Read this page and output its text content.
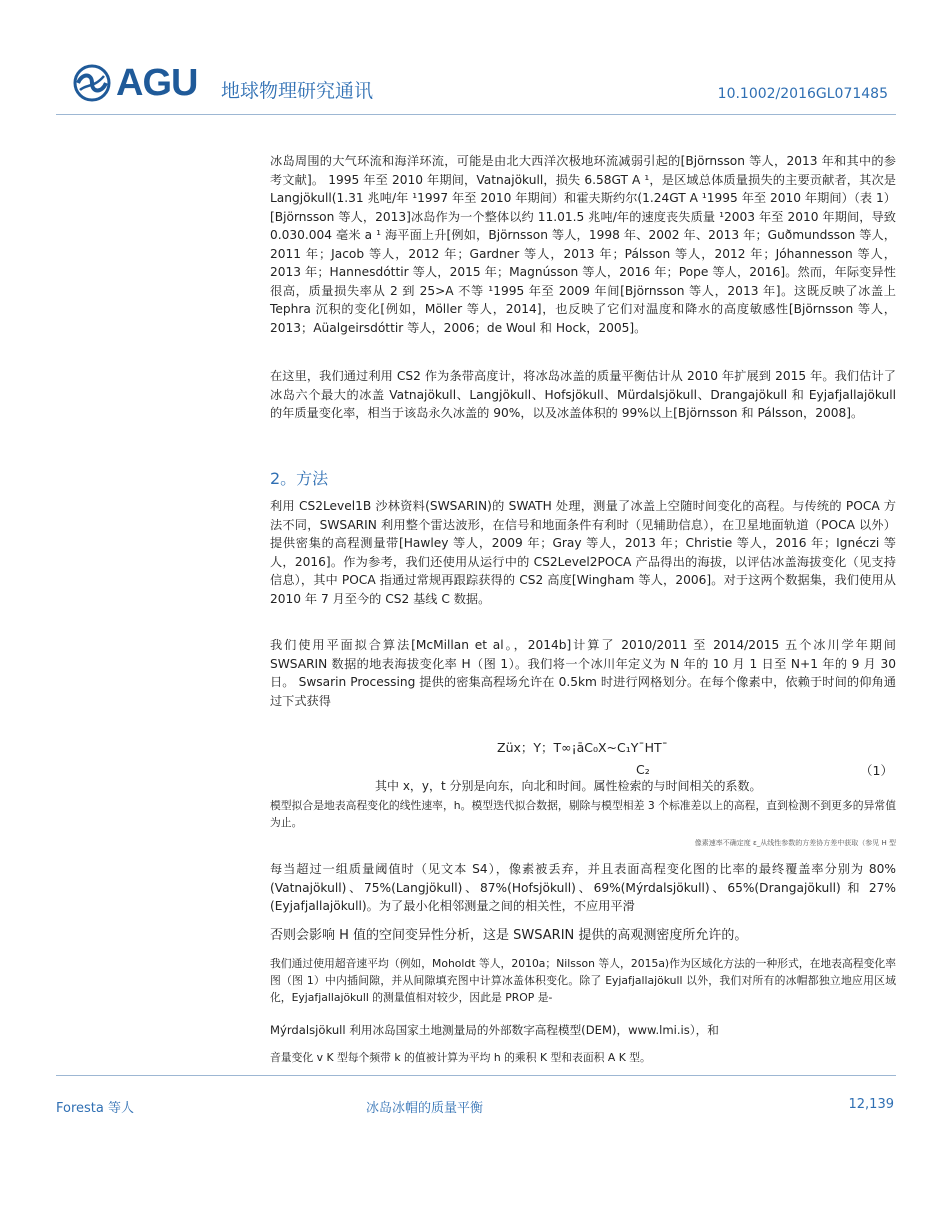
AGU 地球物理研究通讯	10.1002/2016GL071485

冰岛周围的大气环流和海洋环流，可能是由北大西洋次极地环流减弱引起的[Björnsson 等人，2013 年和其中的参考文献]。 1995 年至 2010 年期间，Vatnajökull，损失 6.58GT A ¹，是区域总体质量损失的主要贡献者，其次是 Langjökull(1.31 兆吨/年 ¹1997 年至 2010 年期间）和霍夫斯约尔(1.24GT A ¹1995 年至 2010 年期间）（表 1）[Björnsson 等人，2013]冰岛作为一个整体以约 11.01.5 兆吨/年的速度丧失质量 ¹2003 年至 2010 年期间，导致 0.030.004 毫米 a ¹ 海平面上升[例如，Björnsson 等人，1998 年、2002 年、2013 年；Guðmundsson 等人，2011 年；Jacob 等人，2012 年；Gardner 等人，2013 年；Pálsson 等人，2012 年；Jóhannesson 等人，2013 年；Hannesdóttir 等人，2015 年；Magnússon 等人，2016 年；Pope 等人，2016]。然而，年际变异性很高，质量损失率从 2 到 25>A 不等 ¹1995 年至 2009 年间[Björnsson 等人，2013 年]。这既反映了冰盖上 Tephra 沉积的变化[例如，Möller 等人，2014]，也反映了它们对温度和降水的高度敏感性[Björnsson 等人，2013；Aüalgeirsdóttir 等人，2006；de Woul 和 Hock，2005]。

在这里，我们通过利用 CS2 作为条带高度计，将冰岛冰盖的质量平衡估计从 2010 年扩展到 2015 年。我们估计了冰岛六个最大的冰盖 Vatnajökull、Langjökull、Hofsjökull、Mürdalsjökull、Drangajökull 和 Eyjafjallajökull 的年质量变化率，相当于该岛永久冰盖的 90%，以及冰盖体积的 99%以上[Björnsson 和 Pálsson，2008]。

2。方法

利用 CS2Level1B 沙林资料(SWSARIN)的 SWATH 处理，测量了冰盖上空随时间变化的高程。与传统的 POCA 方法不同，SWSARIN 利用整个雷达波形，在信号和地面条件有利时（见辅助信息），在卫星地面轨道（POCA 以外）提供密集的高程测量带[Hawley 等人，2009 年；Gray 等人，2013 年；Christie 等人，2016 年；Ignéczi 等人，2016]。作为参考，我们还使用从运行中的 CS2Level2POCA 产品得出的海拔，以评估冰盖海拔变化（见支持信息），其中 POCA 指通过常规再跟踪获得的 CS2 高度[Wingham 等人，2006]。对于这两个数据集，我们使用从 2010 年 7 月至今的 CS2 基线 C 数据。

我们使用平面拟合算法[McMillan et al。，2014b]计算了 2010/2011 至 2014/2015 五个冰川学年期间 SWSARIN 数据的地表海拔变化率 H（图 1）。我们将一个冰川年定义为 N 年的 10 月 1 日至 N+1 年的 9 月 30 日。 Swsarin Processing 提供的密集高程场允许在 0.5km 时进行网格划分。在每个像素中，依赖于时间的仰角通过下式获得

Züx；Y；T∞¡āC₀X~C₁Y¯HT¯
C₂	（1）
其中 x，y，t 分别是向东，向北和时间。属性检索的与时间相关的系数。

模型拟合是地表高程变化的线性速率，h。模型迭代拟合数据，剔除与模型相差 3 个标准差以上的高程，直到检测不到更多的异常值为止。

像素速率不确定度 ε_从线性参数的方差协方差中获取（参见 H 型

每当超过一组质量阈值时（见文本 S4），像素被丢弃，并且表面高程变化图的比率的最终覆盖率分别为 80%(Vatnajökull)、75%(Langjökull)、87%(Hofsjökull)、69%(Mýrdalsjökull)、65%(Drangajökull) 和 27%(Eyjafjallajökull)。为了最小化相邻测量之间的相关性，不应用平滑

否则会影响 H 值的空间变异性分析，这是 SWSARIN 提供的高观测密度所允许的。

我们通过使用超音速平均（例如，Moholdt 等人，2010a；Nilsson 等人，2015a)作为区域化方法的一种形式，在地表高程变化率图（图 1）中内插间隙，并从间隙填充图中计算冰盖体积变化。除了 Eyjafjallajökull 以外，我们对所有的冰帽都独立地应用区域化，Eyjafjallajökull 的测量值相对较少，因此是 PROP 是-

Mýrdalsjökull 利用冰岛国家土地测量局的外部数字高程模型(DEM)，www.lmi.is），和

音量变化 v K 型每个频带 k 的值被计算为平均 h 的乘积 K 型和表面积 A K 型。

Foresta 等人	冰岛冰帽的质量平衡	12,139
